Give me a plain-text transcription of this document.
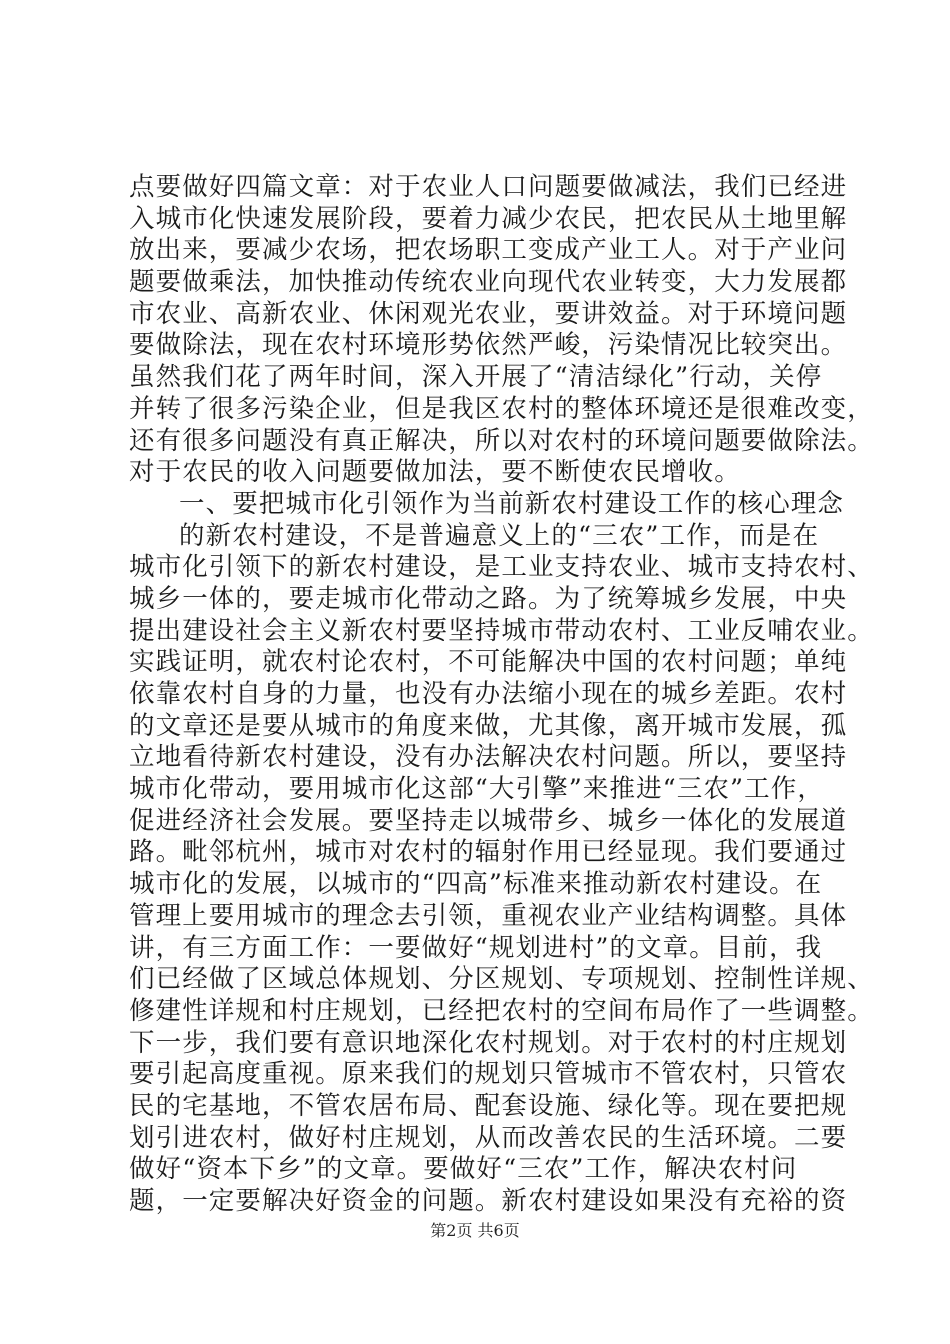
点要做好四篇文章：对于农业人口问题要做减法，我们已经进
入城市化快速发展阶段，要着力减少农民，把农民从土地里解
放出来，要减少农场，把农场职工变成产业工人。对于产业问
题要做乘法，加快推动传统农业向现代农业转变，大力发展都
市农业、高新农业、休闲观光农业，要讲效益。对于环境问题
要做除法，现在农村环境形势依然严峻，污染情况比较突出。
虽然我们花了两年时间，深入开展了“清洁绿化”行动，关停
并转了很多污染企业，但是我区农村的整体环境还是很难改变，
还有很多问题没有真正解决，所以对农村的环境问题要做除法。
对于农民的收入问题要做加法，要不断使农民增收。
一、要把城市化引领作为当前新农村建设工作的核心理念
的新农村建设，不是普遍意义上的“三农”工作，而是在
城市化引领下的新农村建设，是工业支持农业、城市支持农村、
城乡一体的，要走城市化带动之路。为了统筹城乡发展，中央
提出建设社会主义新农村要坚持城市带动农村、工业反哺农业。
实践证明，就农村论农村，不可能解决中国的农村问题；单纯
依靠农村自身的力量，也没有办法缩小现在的城乡差距。农村
的文章还是要从城市的角度来做，尤其像，离开城市发展，孤
立地看待新农村建设，没有办法解决农村问题。所以，要坚持
城市化带动，要用城市化这部“大引擎”来推进“三农”工作，
促进经济社会发展。要坚持走以城带乡、城乡一体化的发展道
路。毗邻杭州，城市对农村的辐射作用已经显现。我们要通过
城市化的发展，以城市的“四高”标准来推动新农村建设。在
管理上要用城市的理念去引领，重视农业产业结构调整。具体
讲，有三方面工作：一要做好“规划进村”的文章。目前，我
们已经做了区域总体规划、分区规划、专项规划、控制性详规、
修建性详规和村庄规划，已经把农村的空间布局作了一些调整。
下一步，我们要有意识地深化农村规划。对于农村的村庄规划
要引起高度重视。原来我们的规划只管城市不管农村，只管农
民的宅基地，不管农居布局、配套设施、绿化等。现在要把规
划引进农村，做好村庄规划，从而改善农民的生活环境。二要
做好“资本下乡”的文章。要做好“三农”工作，解决农村问
题，一定要解决好资金的问题。新农村建设如果没有充裕的资
第2页 共6页
